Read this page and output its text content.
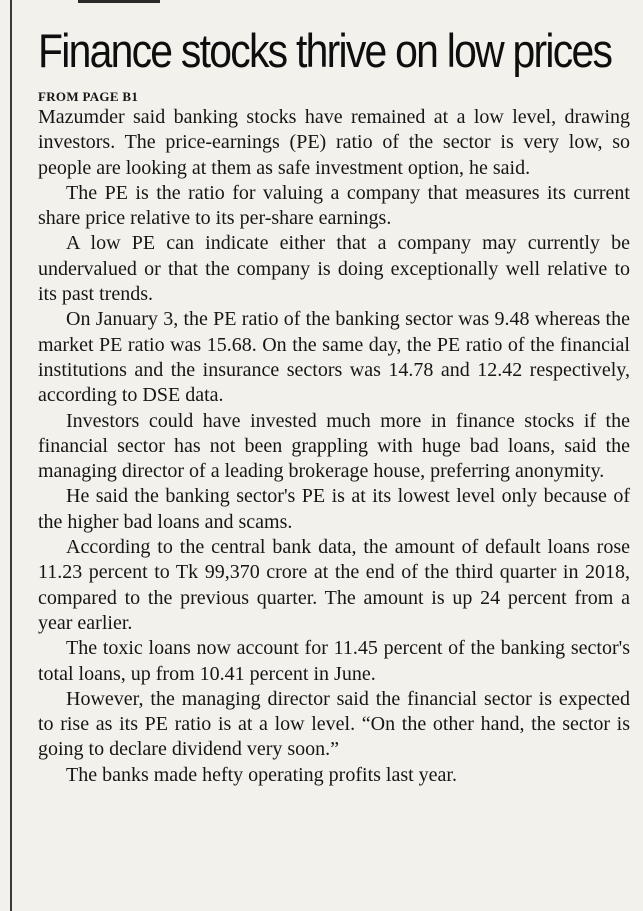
Finance stocks thrive on low prices
FROM PAGE B1

Mazumder said banking stocks have remained at a low level, drawing investors. The price-earnings (PE) ratio of the sector is very low, so people are looking at them as safe investment option, he said.

The PE is the ratio for valuing a company that measures its current share price relative to its per-share earnings.

A low PE can indicate either that a company may currently be undervalued or that the company is doing exceptionally well relative to its past trends.

On January 3, the PE ratio of the banking sector was 9.48 whereas the market PE ratio was 15.68. On the same day, the PE ratio of the financial institutions and the insurance sectors was 14.78 and 12.42 respectively, according to DSE data.

Investors could have invested much more in finance stocks if the financial sector has not been grappling with huge bad loans, said the managing director of a leading brokerage house, preferring anonymity.

He said the banking sector's PE is at its lowest level only because of the higher bad loans and scams.

According to the central bank data, the amount of default loans rose 11.23 percent to Tk 99,370 crore at the end of the third quarter in 2018, compared to the previous quarter. The amount is up 24 percent from a year earlier.

The toxic loans now account for 11.45 percent of the banking sector's total loans, up from 10.41 percent in June.

However, the managing director said the financial sector is expected to rise as its PE ratio is at a low level. “On the other hand, the sector is going to declare dividend very soon.”

The banks made hefty operating profits last year.
